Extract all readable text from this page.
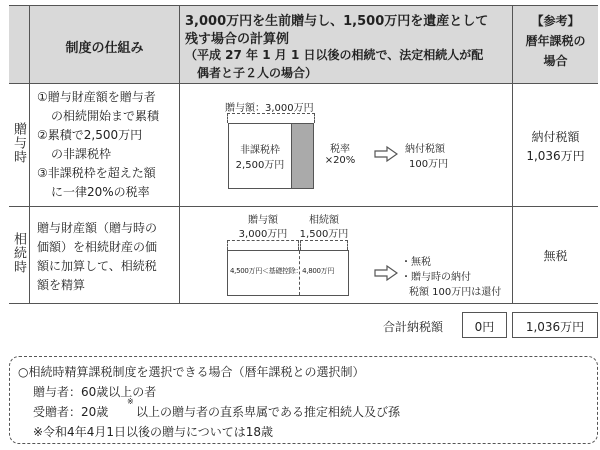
制度の仕組み
3,000万円を生前贈与し、1,500万円を遺産として
残す場合の計算例
（平成 27 年 1 月 1 日以後の相続で、法定相続人が配
偶者と子２人の場合）
【参考】
暦年課税の
場合
贈与時
相続時
①贈与財産額を贈与者
の相続開始まで累積
②累積で2,500万円
の非課税枠
③非課税枠を超えた額
に一律20%の税率
贈与財産額（贈与時の
価額）を相続財産の価
額に加算して、相続税
額を精算
贈与額：3,000万円
非課税枠
2,500万円
税率
×20%
納付税額
100万円
贈与額
3,000万円
相続額
1,500万円
4,500万円＜基礎控除：4,800万円
・無税
・贈与時の納付
税額 100万円は還付
納付税額
1,036万円
無税
合計納税額	0円	1,036万円
○相続時精算課税制度を選択できる場合（暦年課税との選択制）
贈与者：60歳以上の者
受贈者：20歳
※
以上の贈与者の直系卑属である推定相続人及び孫
※令和4年4月1日以後の贈与については18歳
